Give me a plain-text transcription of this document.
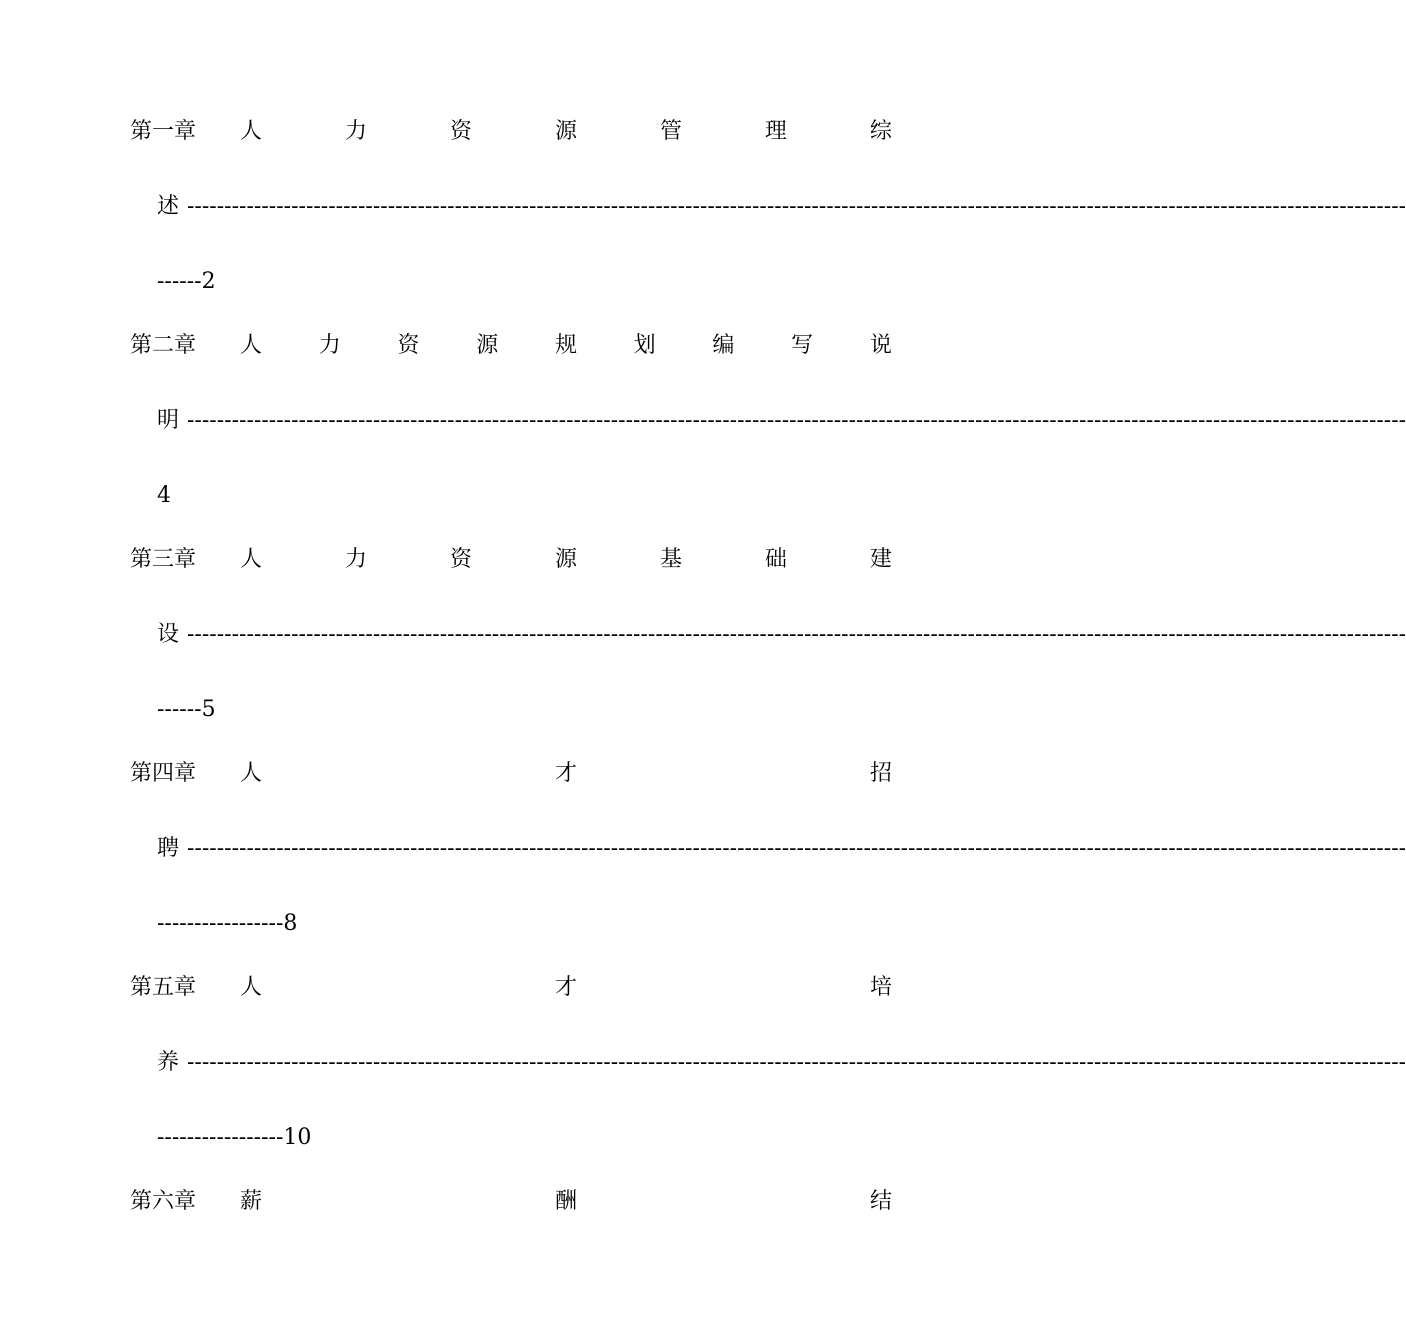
第一章 人	力	资	源	管	理	综
述 --------------------------------------------------------------------------------------------------------------------------------------------------------------------
------2
第二章 人	力	资	源	规	划	编	写	说
明 --------------------------------------------------------------------------------------------------------------------------------------------------------------------
4
第三章 人	力	资	源	基	础	建
设 --------------------------------------------------------------------------------------------------------------------------------------------------------------------
------5
第四章 人	才	招
聘 --------------------------------------------------------------------------------------------------------------------------------------------------------------------
-----------------8
第五章 人	才	培
养 --------------------------------------------------------------------------------------------------------------------------------------------------------------------
-----------------10
第六章 薪	酬	结
